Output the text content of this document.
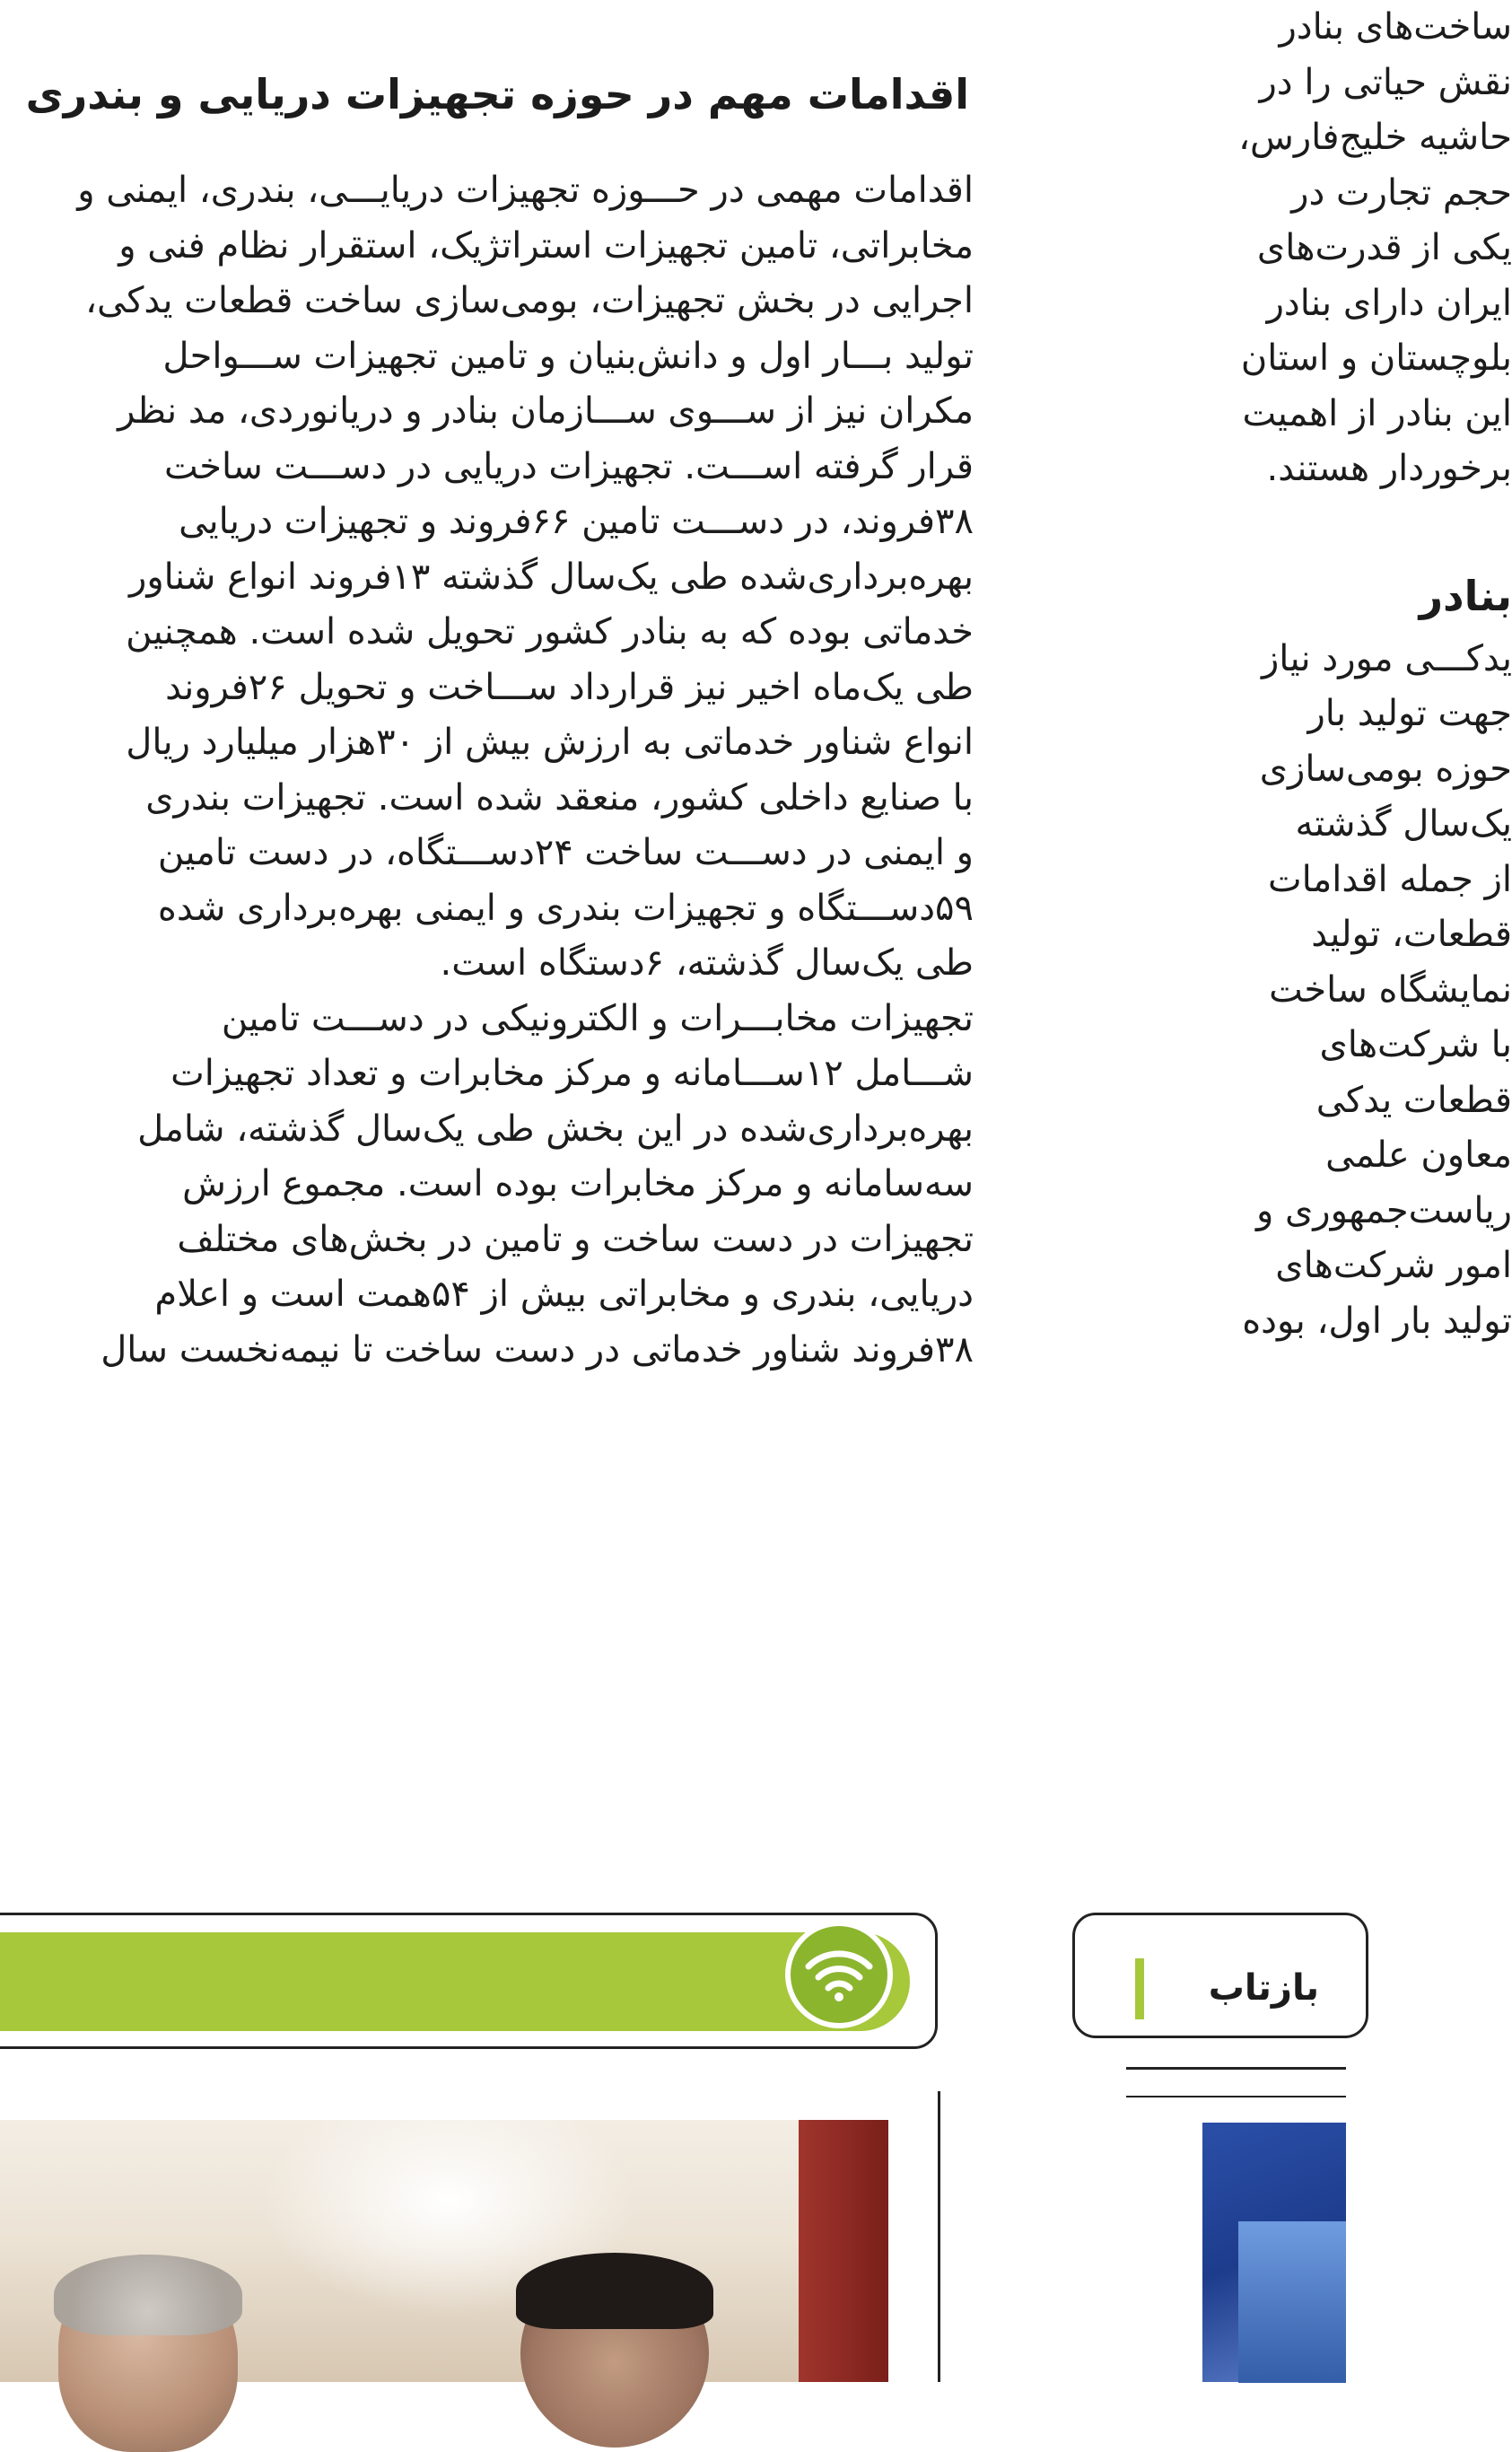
اقدامات مهم در حوزه تجهیزات دریایی و بندری
اقدامات مهمی در حـــوزه تجهیزات دریایـــی، بندری، ایمنی و
مخابراتی، تامین تجهیزات استراتژیک، استقرار نظام فنی و
اجرایی در بخش تجهیزات، بومی‌سازی ساخت قطعات یدکی،
تولید بـــار اول و دانش‌بنیان و تامین تجهیزات ســـواحل
مکران نیز از ســـوی ســـازمان بنادر و دریانوردی، مد نظر
قرار گرفته اســـت. تجهیزات دریایی در دســـت ساخت
۳۸فروند، در دســـت تامین ۶۶فروند و تجهیزات دریایی
بهره‌برداری‌شده طی یک‌سال گذشته ۱۳فروند انواع شناور
خدماتی بوده که به بنادر کشور تحویل شده است. همچنین
طی یک‌ماه اخیر نیز قرارداد ســـاخت و تحویل ۲۶فروند
انواع شناور خدماتی به ارزش بیش از ۳۰هزار میلیارد ریال
با صنایع داخلی کشور، منعقد شده است. تجهیزات بندری
و ایمنی در دســـت ساخت ۲۴دســـتگاه، در دست تامین
۵۹دســـتگاه و تجهیزات بندری و ایمنی بهره‌برداری شده
طی یک‌سال گذشته، ۶دستگاه است.
تجهیزات مخابـــرات و الکترونیکی در دســـت تامین
شـــامل ۱۲ســـامانه و مرکز مخابرات و تعداد تجهیزات
بهره‌برداری‌شده در این بخش طی یک‌سال گذشته، شامل
سه‌سامانه و مرکز مخابرات بوده است. مجموع ارزش
تجهیزات در دست ساخت و تامین در بخش‌های مختلف
دریایی، بندری و مخابراتی بیش از ۵۴همت است و اعلام
۳۸فروند شناور خدماتی در دست ساخت تا نیمه‌نخست سال
ساخت‌های بنادر
نقش حیاتی را در
حاشیه خلیج‌فارس،
حجم تجارت در
یکی از قدرت‌های
ایران دارای بنادر
بلوچستان و استان
این بنادر از اهمیت
برخوردار هستند.
بنادر
یدکـــی مورد نیاز
جهت تولید بار
حوزه بومی‌سازی
یک‌سال گذشته
از جمله اقدامات
قطعات، تولید
نمایشگاه ساخت
با شرکت‌های
قطعات یدکی
معاون علمی
ریاست‌جمهوری و
امور شرکت‌های
تولید بار اول، بوده
بازتاب
